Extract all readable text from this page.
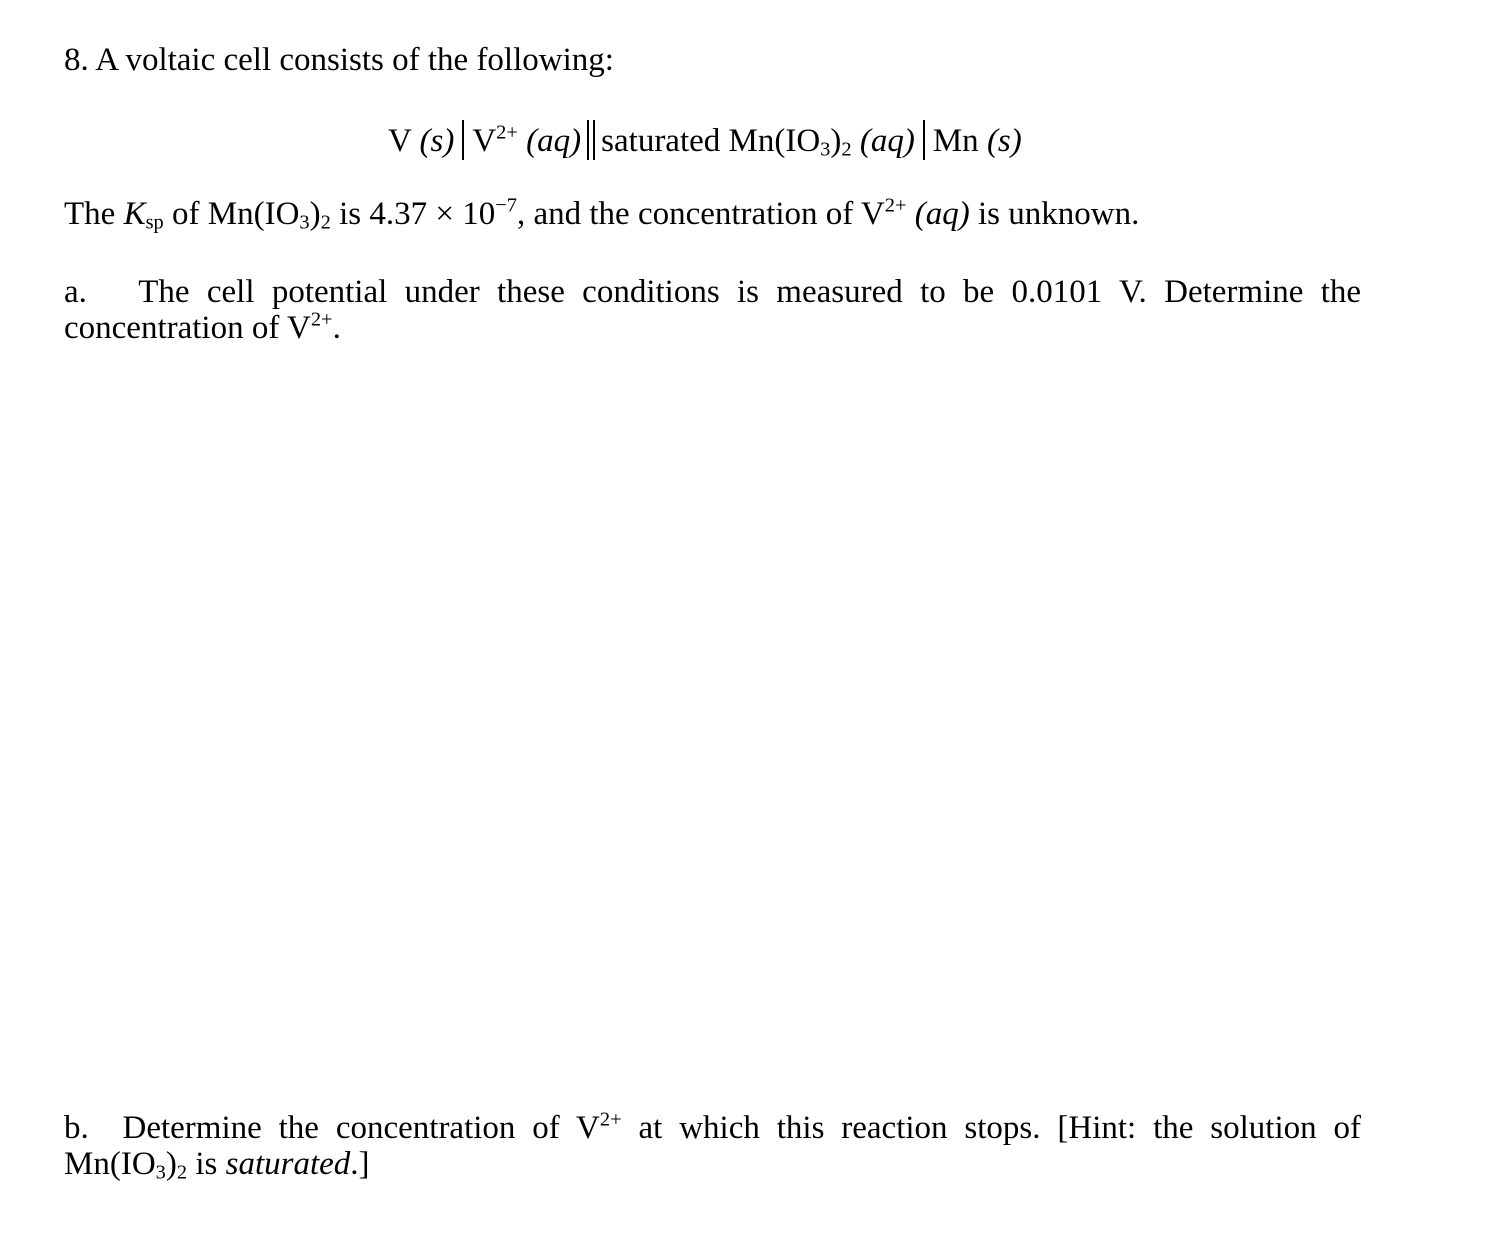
8. A voltaic cell consists of the following:
V (s) $V^{2+}$ (aq) saturated $Mn(IO_3)_2$ (aq) Mn (s)
The $K_{sp}$ of $Mn(IO_3)_2$ is $4.37 \times 10^{-7}$, and the concentration of $V^{2+}$ (aq) is unknown.
a. The cell potential under these conditions is measured to be 0.0101 V. Determine the
concentration of $V^{2+}$.
b. Determine the concentration of $V^{2+}$ at which this reaction stops. [Hint: the solution of
$Mn(IO_3)_2$ is saturated.]
